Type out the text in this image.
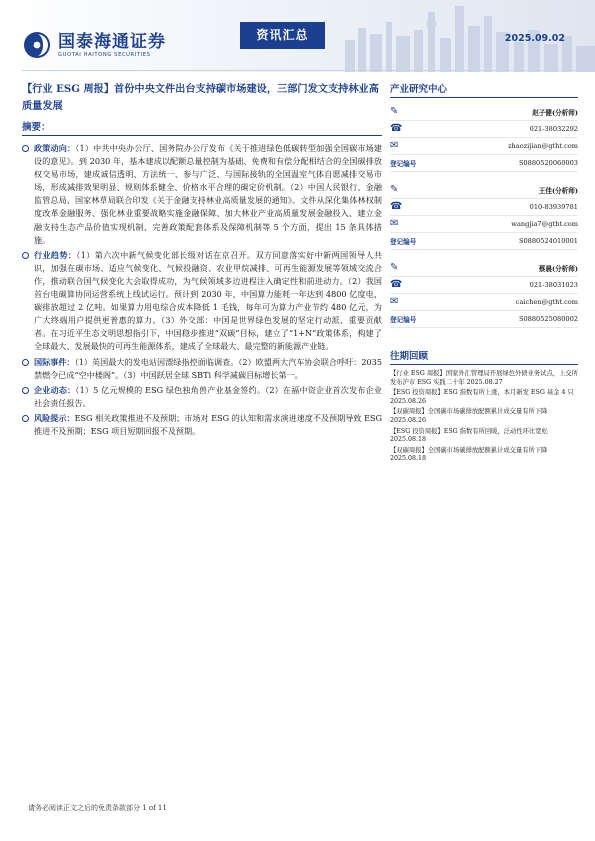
国泰海通证券
GUOTAI HAITONG SECURITIES
资讯汇总	2025.09.02
【行业 ESG 周报】首份中央文件出台支持碳市场建设，三部门发文支持林业高质量发展
摘要：
政策动向：（1）中共中央办公厅、国务院办公厅发布《关于推进绿色低碳转型加强全国碳市场建设的意见》。到 2030 年，基本建成以配额总量控制为基础、免费和有偿分配相结合的全国碳排放权交易市场，建成诚信透明、方法统一、参与广泛、与国际接轨的全国温室气体自愿减排交易市场，形成减排效果明显、规则体系健全、价格水平合理的碳定价机制。（2）中国人民银行、金融监管总局、国家林草局联合印发《关于金融支持林业高质量发展的通知》。文件从深化集体林权制度改革金融服务、强化林业重要战略实施金融保障、加大林业产业高质量发展金融投入、建立金融支持生态产品价值实现机制、完善政策配套体系及保障机制等 5 个方面，提出 15 条具体措施。
行业趋势：（1）第六次中新气候变化部长级对话在京召开。双方同意落实好中新两国领导人共识，加强在碳市场、适应气候变化、气候投融资、农业甲烷减排、可再生能源发展等领域交流合作，推动联合国气候变化大会取得成功，为气候领域多边进程注入确定性和前进动力。（2）我国首台电碳算协同运营系统上线试运行。预计到 2030 年，中国算力能耗一年达到 4800 亿度电，碳排放超过 2 亿吨。如果算力用电综合成本降低 1 毛钱，每年可为算力产业节约 480 亿元，为广大终端用户提供更普惠的算力。（3）外交部：中国是世界绿色发展的坚定行动派、重要贡献者。在习近平生态文明思想指引下，中国稳步推进“双碳”目标，建立了“1+N”政策体系，构建了全球最大、发展最快的可再生能源体系，建成了全球最大、最完整的新能源产业链。
国际事件：（1）英国最大的发电站因漂绿指控面临调查。（2）欧盟两大汽车协会联合呼吁：2035 禁燃令已成“空中楼阁”。（3）中国跃居全球 SBTi 科学减碳目标增长第一。
企业动态：（1）5 亿元规模的 ESG 绿色独角兽产业基金签约。（2）在福中资企业首次发布企业社会责任报告。
风险提示：ESG 相关政策推进不及预期；市场对 ESG 的认知和需求演进速度不及预期导致 ESG 推进不及预期；ESG 项目短期回报不及预期。
产业研究中心
✎	赵子健(分析师)
☎	021-38032292
✉	zhaozijian@gtht.com
登记编号	S0880520060003
✎	王佳(分析师)
☎	010-83939781
✉	wangjia7@gtht.com
登记编号	S0880524010001
✎	蔡晨(分析师)
☎	021-38031023
✉	caichen@gtht.com
登记编号	S0880525080002
往期回顾
【行业 ESG 周报】国家外汇管理局开展绿色外债业务试点，上交所发布沪市 ESG 实践二十年 2025.08.27
【ESG 投资周报】ESG 指数有所上涨，本月新发 ESG 基金 4 只 2025.08.26
【双碳周报】全国碳市场碳排放配额累计成交量有所下降 2025.08.26
【ESG 投资周报】ESG 指数有所回暖，泛动性环比宽松 2025.08.18
【双碳周报】全国碳市场碳排放配额累计成交量有所下降 2025.08.18
请务必阅读正文之后的免责条款部分 1 of 11
